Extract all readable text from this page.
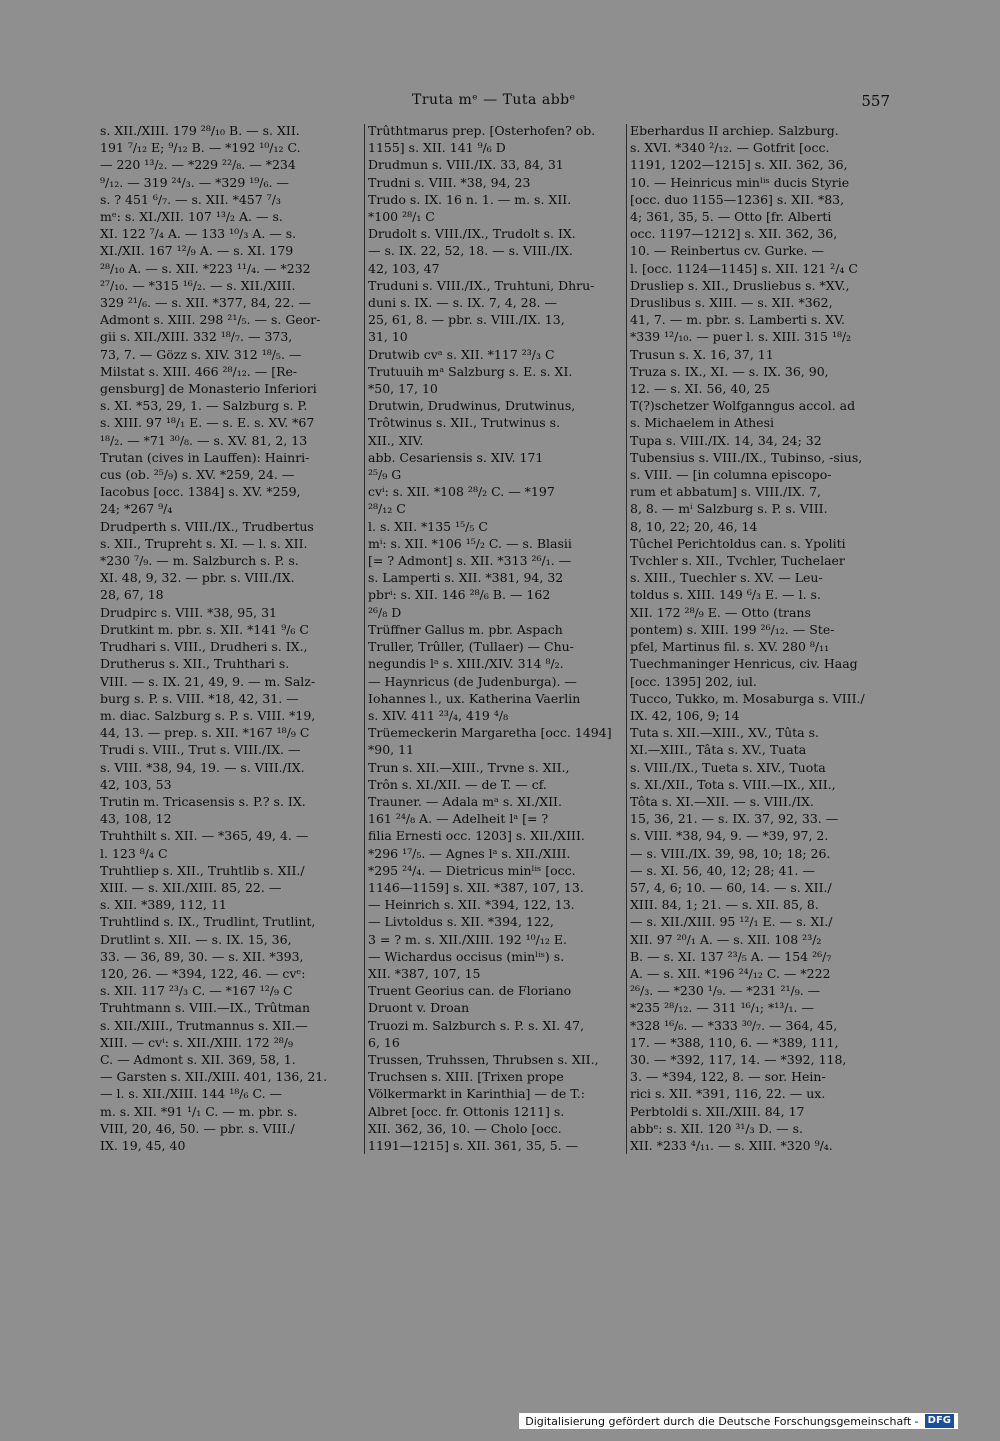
Truta mᵉ — Tuta abbᵉ	557

s. XII./XIII. 179 ²⁸/₁₀ B. — s. XII.

191 ⁷/₁₂ E; ⁹/₁₂ B. — *192 ¹⁰/₁₂ C.

— 220 ¹³/₂. — *229 ²²/₈. — *234

⁹/₁₂. — 319 ²⁴/₃. — *329 ¹⁹/₆. —

s. ? 451 ⁶/₇. — s. XII. *457 ⁷/₃

mᵉ: s. XI./XII. 107 ¹³/₂ A. — s.

XI. 122 ⁷/₄ A. — 133 ¹⁰/₃ A. — s.

XI./XII. 167 ¹²/₉ A. — s. XI. 179

²⁸/₁₀ A. — s. XII. *223 ¹¹/₄. — *232

²⁷/₁₀. — *315 ¹⁶/₂. — s. XII./XIII.

329 ²¹/₆. — s. XII. *377, 84, 22. —

Admont s. XIII. 298 ²¹/₅. — s. Geor-

gii s. XII./XIII. 332 ¹⁸/₇. — 373,

73, 7. — Gözz s. XIV. 312 ¹⁸/₅. —

Milstat s. XIII. 466 ²⁸/₁₂. — [Re-

gensburg] de Monasterio Inferiori

s. XI. *53, 29, 1. — Salzburg s. P.

s. XIII. 97 ¹⁸/₁ E. — s. E. s. XV. *67

¹⁸/₂. — *71 ³⁰/₈. — s. XV. 81, 2, 13

Trutan (cives in Lauffen): Hainri-

cus (ob. ²⁵/₉) s. XV. *259, 24. —

Iacobus [occ. 1384] s. XV. *259,

24; *267 ⁹/₄

Drudperth s. VIII./IX., Trudbertus

s. XII., Trupreht s. XI. — l. s. XII.

*230 ⁷/₉. — m. Salzburch s. P. s.

XI. 48, 9, 32. — pbr. s. VIII./IX.

28, 67, 18

Drudpirc s. VIII. *38, 95, 31

Drutkint m. pbr. s. XII. *141 ⁹/₆ C

Trudhari s. VIII., Drudheri s. IX.,

Drutherus s. XII., Truhthari s.

VIII. — s. IX. 21, 49, 9. — m. Salz-

burg s. P. s. VIII. *18, 42, 31. —

m. diac. Salzburg s. P. s. VIII. *19,

44, 13. — prep. s. XII. *167 ¹⁸/₉ C

Trudi s. VIII., Trut s. VIII./IX. —

s. VIII. *38, 94, 19. — s. VIII./IX.

42, 103, 53

Trutin m. Tricasensis s. P.? s. IX.

43, 108, 12

Truhthilt s. XII. — *365, 49, 4. —

l. 123 ⁸/₄ C

Truhtliep s. XII., Truhtlib s. XII./

XIII. — s. XII./XIII. 85, 22. —

s. XII. *389, 112, 11

Truhtlind s. IX., Trudlint, Trutlint,

Drutlint s. XII. — s. IX. 15, 36,

33. — 36, 89, 30. — s. XII. *393,

120, 26. — *394, 122, 46. — cvᵉ:

s. XII. 117 ²³/₃ C. — *167 ¹²/₉ C

Truhtmann s. VIII.—IX., Trûtman

s. XII./XIII., Trutmannus s. XII.—

XIII. — cvⁱ: s. XII./XIII. 172 ²⁸/₉

C. — Admont s. XII. 369, 58, 1.

— Garsten s. XII./XIII. 401, 136, 21.

— l. s. XII./XIII. 144 ¹⁸/₆ C. —

m. s. XII. *91 ¹/₁ C. — m. pbr. s.

VIII, 20, 46, 50. — pbr. s. VIII./

IX. 19, 45, 40

Trûthtmarus prep. [Osterhofen? ob.

1155] s. XII. 141 ⁹/₆ D

Drudmun s. VIII./IX. 33, 84, 31

Trudni s. VIII. *38, 94, 23

Trudo s. IX. 16 n. 1. — m. s. XII.

*100 ²⁸/₁ C

Drudolt s. VIII./IX., Trudolt s. IX.

— s. IX. 22, 52, 18. — s. VIII./IX.

42, 103, 47

Truduni s. VIII./IX., Truhtuni, Dhru-

duni s. IX. — s. IX. 7, 4, 28. —

25, 61, 8. — pbr. s. VIII./IX. 13,

31, 10

Drutwib cvᵃ s. XII. *117 ²³/₃ C

Trutuuih mᵃ Salzburg s. E. s. XI.

*50, 17, 10

Drutwin, Drudwinus, Drutwinus,

Trôtwinus s. XII., Trutwinus s.

XII., XIV.

abb. Cesariensis s. XIV. 171

²⁵/₉ G

cvⁱ: s. XII. *108 ²⁸/₂ C. — *197

²⁸/₁₂ C

l. s. XII. *135 ¹⁵/₅ C

mⁱ: s. XII. *106 ¹⁵/₂ C. — s. Blasii

[= ? Admont] s. XII. *313 ²⁶/₁. —

s. Lamperti s. XII. *381, 94, 32

pbrⁱ: s. XII. 146 ²⁸/₆ B. — 162

²⁶/₈ D

Trüffner Gallus m. pbr. Aspach

Truller, Trûller, (Tullaer) — Chu-

negundis lᵃ s. XIII./XIV. 314 ⁸/₂.

— Haynricus (de Judenburga). —

Iohannes l., ux. Katherina Vaerlin

s. XIV. 411 ²³/₄, 419 ⁴/₈

Trüemeckerin Margaretha [occ. 1494]

*90, 11

Trun s. XII.—XIII., Trvne s. XII.,

Trôn s. XI./XII. — de T. — cf.

Trauner. — Adala mᵃ s. XI./XII.

161 ²⁴/₈ A. — Adelheit lᵃ [= ?

filia Ernesti occ. 1203] s. XII./XIII.

*296 ¹⁷/₅. — Agnes lᵃ s. XII./XIII.

*295 ²⁴/₄. — Dietricus minˡⁱˢ [occ.

1146—1159] s. XII. *387, 107, 13.

— Heinrich s. XII. *394, 122, 13.

— Livtoldus s. XII. *394, 122,

3 = ? m. s. XII./XIII. 192 ¹⁰/₁₂ E.

— Wichardus occisus (minˡⁱˢ) s.

XII. *387, 107, 15

Truent Georius can. de Floriano

Druont v. Droan

Truozi m. Salzburch s. P. s. XI. 47,

6, 16

Trussen, Truhssen, Thrubsen s. XII.,

Truchsen s. XIII. [Trixen prope

Völkermarkt in Karinthia] — de T.:

Albret [occ. fr. Ottonis 1211] s.

XII. 362, 36, 10. — Cholo [occ.

1191—1215] s. XII. 361, 35, 5. —

Eberhardus II archiep. Salzburg.

s. XVI. *340 ²/₁₂. — Gotfrit [occ.

1191, 1202—1215] s. XII. 362, 36,

10. — Heinricus minˡⁱˢ ducis Styrie

[occ. duo 1155—1236] s. XII. *83,

4; 361, 35, 5. — Otto [fr. Alberti

occ. 1197—1212] s. XII. 362, 36,

10. — Reinbertus cv. Gurke. —

l. [occ. 1124—1145] s. XII. 121 ²/₄ C

Drusliep s. XII., Drusliebus s. *XV.,

Druslibus s. XIII. — s. XII. *362,

41, 7. — m. pbr. s. Lamberti s. XV.

*339 ¹²/₁₀. — puer l. s. XIII. 315 ¹⁸/₂

Trusun s. X. 16, 37, 11

Truza s. IX., XI. — s. IX. 36, 90,

12. — s. XI. 56, 40, 25

T(?)schetzer Wolfganngus accol. ad

s. Michaelem in Athesi

Tupa s. VIII./IX. 14, 34, 24; 32

Tubensius s. VIII./IX., Tubinso, -sius,

s. VIII. — [in columna episcopo-

rum et abbatum] s. VIII./IX. 7,

8, 8. — mⁱ Salzburg s. P. s. VIII.

8, 10, 22; 20, 46, 14

Tûchel Perichtoldus can. s. Ypoliti

Tvchler s. XII., Tvchler, Tuchelaer

s. XIII., Tuechler s. XV. — Leu-

toldus s. XIII. 149 ⁶/₃ E. — l. s.

XII. 172 ²⁸/₉ E. — Otto (trans

pontem) s. XIII. 199 ²⁶/₁₂. — Ste-

pfel, Martinus fil. s. XV. 280 ⁸/₁₁

Tuechmaninger Henricus, civ. Haag

[occ. 1395] 202, iul.

Tucco, Tukko, m. Mosaburga s. VIII./

IX. 42, 106, 9; 14

Tuta s. XII.—XIII., XV., Tûta s.

XI.—XIII., Tâta s. XV., Tuata

s. VIII./IX., Tueta s. XIV., Tuota

s. XI./XII., Tota s. VIII.—IX., XII.,

Tôta s. XI.—XII. — s. VIII./IX.

15, 36, 21. — s. IX. 37, 92, 33. —

s. VIII. *38, 94, 9. — *39, 97, 2.

— s. VIII./IX. 39, 98, 10; 18; 26.

— s. XI. 56, 40, 12; 28; 41. —

57, 4, 6; 10. — 60, 14. — s. XII./

XIII. 84, 1; 21. — s. XII. 85, 8.

— s. XII./XIII. 95 ¹²/₁ E. — s. XI./

XII. 97 ²⁰/₁ A. — s. XII. 108 ²³/₂

B. — s. XI. 137 ²³/₅ A. — 154 ²⁶/₇

A. — s. XII. *196 ²⁴/₁₂ C. — *222

²⁶/₃. — *230 ¹/₉. — *231 ²¹/₉. —

*235 ²⁸/₁₂. — 311 ¹⁶/₁; *¹³/₁. —

*328 ¹⁶/₆. — *333 ³⁰/₇. — 364, 45,

17. — *388, 110, 6. — *389, 111,

30. — *392, 117, 14. — *392, 118,

3. — *394, 122, 8. — sor. Hein-

rici s. XII. *391, 116, 22. — ux.

Perbtoldi s. XII./XIII. 84, 17

abbᵉ: s. XII. 120 ³¹/₃ D. — s.

XII. *233 ⁴/₁₁. — s. XIII. *320 ⁹/₄.

Digitalisierung gefördert durch die Deutsche Forschungsgemeinschaft - DFG
